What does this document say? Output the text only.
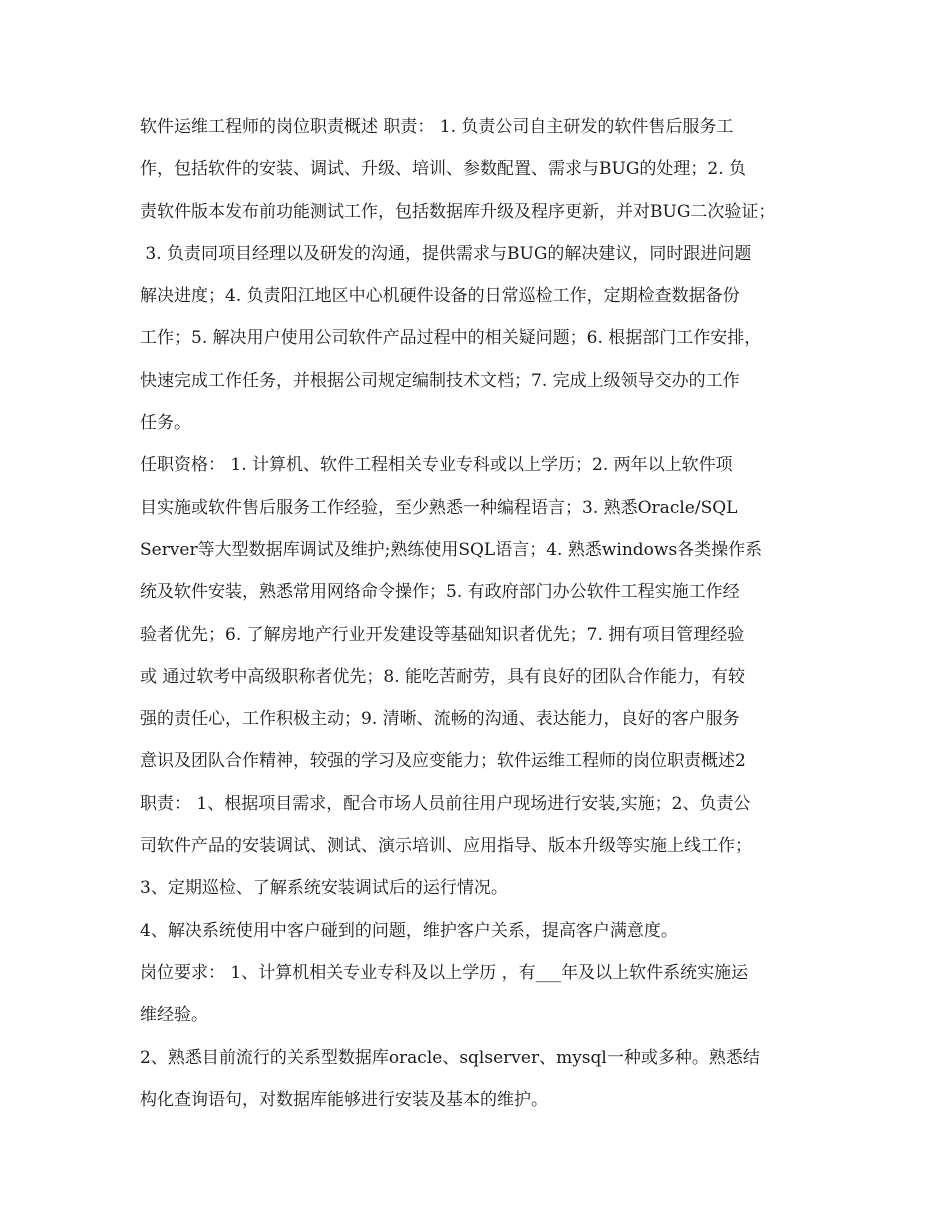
软件运维工程师的岗位职责概述 职责： 1. 负责公司自主研发的软件售后服务工
作，包括软件的安装、调试、升级、培训、参数配置、需求与BUG的处理；2. 负
责软件版本发布前功能测试工作，包括数据库升级及程序更新，并对BUG二次验证；
3. 负责同项目经理以及研发的沟通，提供需求与BUG的解决建议，同时跟进问题
解决进度；4. 负责阳江地区中心机硬件设备的日常巡检工作，定期检查数据备份
工作；5. 解决用户使用公司软件产品过程中的相关疑问题；6. 根据部门工作安排，
快速完成工作任务，并根据公司规定编制技术文档；7. 完成上级领导交办的工作
任务。
任职资格： 1. 计算机、软件工程相关专业专科或以上学历；2. 两年以上软件项
目实施或软件售后服务工作经验，至少熟悉一种编程语言；3. 熟悉Oracle/SQL
Server等大型数据库调试及维护;熟练使用SQL语言；4. 熟悉windows各类操作系
统及软件安装，熟悉常用网络命令操作；5. 有政府部门办公软件工程实施工作经
验者优先；6. 了解房地产行业开发建设等基础知识者优先；7. 拥有项目管理经验
或 通过软考中高级职称者优先；8. 能吃苦耐劳，具有良好的团队合作能力，有较
强的责任心，工作积极主动；9. 清晰、流畅的沟通、表达能力，良好的客户服务
意识及团队合作精神，较强的学习及应变能力；软件运维工程师的岗位职责概述2
职责： 1、根据项目需求，配合市场人员前往用户现场进行安装,实施；2、负责公
司软件产品的安装调试、测试、演示培训、应用指导、版本升级等实施上线工作；
3、定期巡检、了解系统安装调试后的运行情况。
4、解决系统使用中客户碰到的问题，维护客户关系，提高客户满意度。
岗位要求： 1、计算机相关专业专科及以上学历 ，有___年及以上软件系统实施运
维经验。
2、熟悉目前流行的关系型数据库oracle、sqlserver、mysql一种或多种。熟悉结
构化查询语句，对数据库能够进行安装及基本的维护。
